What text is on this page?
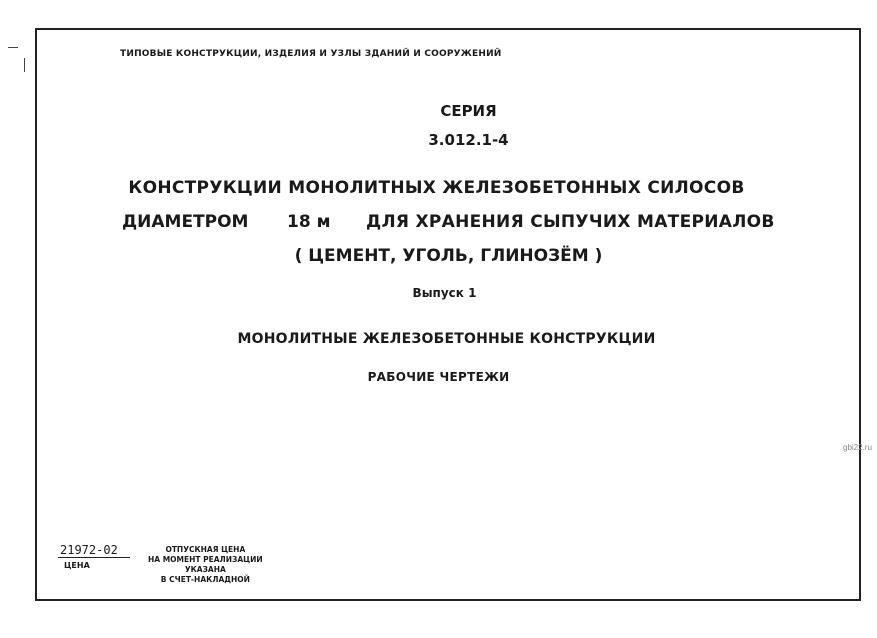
ТИПОВЫЕ КОНСТРУКЦИИ, ИЗДЕЛИЯ И УЗЛЫ ЗДАНИЙ И СООРУЖЕНИЙ
СЕРИЯ
3.012.1-4
КОНСТРУКЦИИ МОНОЛИТНЫХ ЖЕЛЕЗОБЕТОННЫХ СИЛОСОВ
ДИАМЕТРОМ 18 м ДЛЯ ХРАНЕНИЯ СЫПУЧИХ МАТЕРИАЛОВ
( ЦЕМЕНТ, УГОЛЬ, ГЛИНОЗЁМ )
Выпуск 1
МОНОЛИТНЫЕ ЖЕЛЕЗОБЕТОННЫЕ КОНСТРУКЦИИ
РАБОЧИЕ ЧЕРТЕЖИ
21972-02
ЦЕНА
ОТПУСКНАЯ ЦЕНА
НА МОМЕНТ РЕАЛИЗАЦИИ
УКАЗАНА
В СЧЕТ-НАКЛАДНОЙ
gbi22.ru
